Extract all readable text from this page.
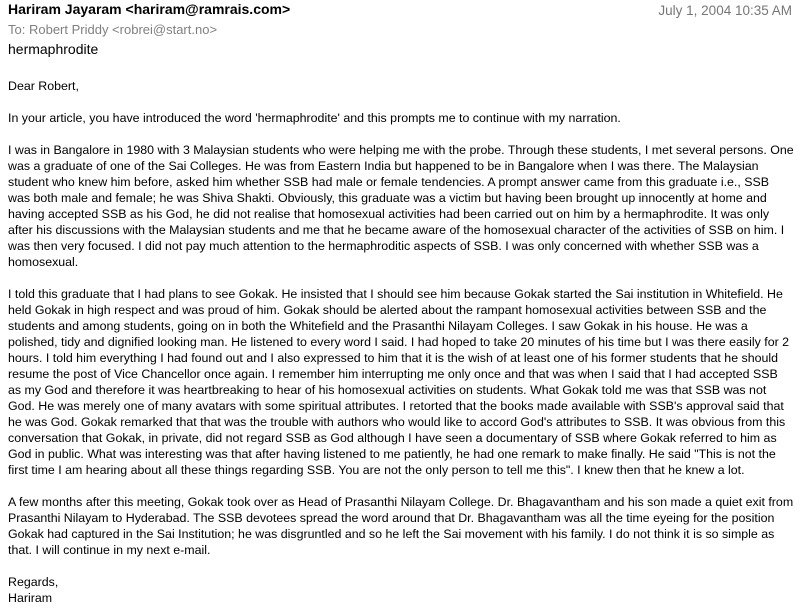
Hariram Jayaram <hariram@ramrais.com>	July 1, 2004 10:35 AM
To: Robert Priddy <robrei@start.no>
hermaphrodite

Dear Robert,

In your article, you have introduced the word 'hermaphrodite' and this prompts me to continue with my narration.

I was in Bangalore in 1980 with 3 Malaysian students who were helping me with the probe. Through these students, I met several persons. One was a graduate of one of the Sai Colleges. He was from Eastern India but happened to be in Bangalore when I was there. The Malaysian student who knew him before, asked him whether SSB had male or female tendencies. A prompt answer came from this graduate i.e., SSB was both male and female; he was Shiva Shakti. Obviously, this graduate was a victim but having been brought up innocently at home and having accepted SSB as his God, he did not realise that homosexual activities had been carried out on him by a hermaphrodite. It was only after his discussions with the Malaysian students and me that he became aware of the homosexual character of the activities of SSB on him. I was then very focused. I did not pay much attention to the hermaphroditic aspects of SSB. I was only concerned with whether SSB was a homosexual.

I told this graduate that I had plans to see Gokak. He insisted that I should see him because Gokak started the Sai institution in Whitefield. He held Gokak in high respect and was proud of him. Gokak should be alerted about the rampant homosexual activities between SSB and the students and among students, going on in both the Whitefield and the Prasanthi Nilayam Colleges. I saw Gokak in his house. He was a polished, tidy and dignified looking man. He listened to every word I said. I had hoped to take 20 minutes of his time but I was there easily for 2 hours. I told him everything I had found out and I also expressed to him that it is the wish of at least one of his former students that he should resume the post of Vice Chancellor once again. I remember him interrupting me only once and that was when I said that I had accepted SSB as my God and therefore it was heartbreaking to hear of his homosexual activities on students. What Gokak told me was that SSB was not God. He was merely one of many avatars with some spiritual attributes. I retorted that the books made available with SSB's approval said that he was God. Gokak remarked that that was the trouble with authors who would like to accord God's attributes to SSB. It was obvious from this conversation that Gokak, in private, did not regard SSB as God although I have seen a documentary of SSB where Gokak referred to him as God in public. What was interesting was that after having listened to me patiently, he had one remark to make finally. He said "This is not the first time I am hearing about all these things regarding SSB. You are not the only person to tell me this". I knew then that he knew a lot.

A few months after this meeting, Gokak took over as Head of Prasanthi Nilayam College. Dr. Bhagavantham and his son made a quiet exit from Prasanthi Nilayam to Hyderabad. The SSB devotees spread the word around that Dr. Bhagavantham was all the time eyeing for the position Gokak had captured in the Sai Institution; he was disgruntled and so he left the Sai movement with his family. I do not think it is so simple as that. I will continue in my next e-mail.

Regards,

Hariram
